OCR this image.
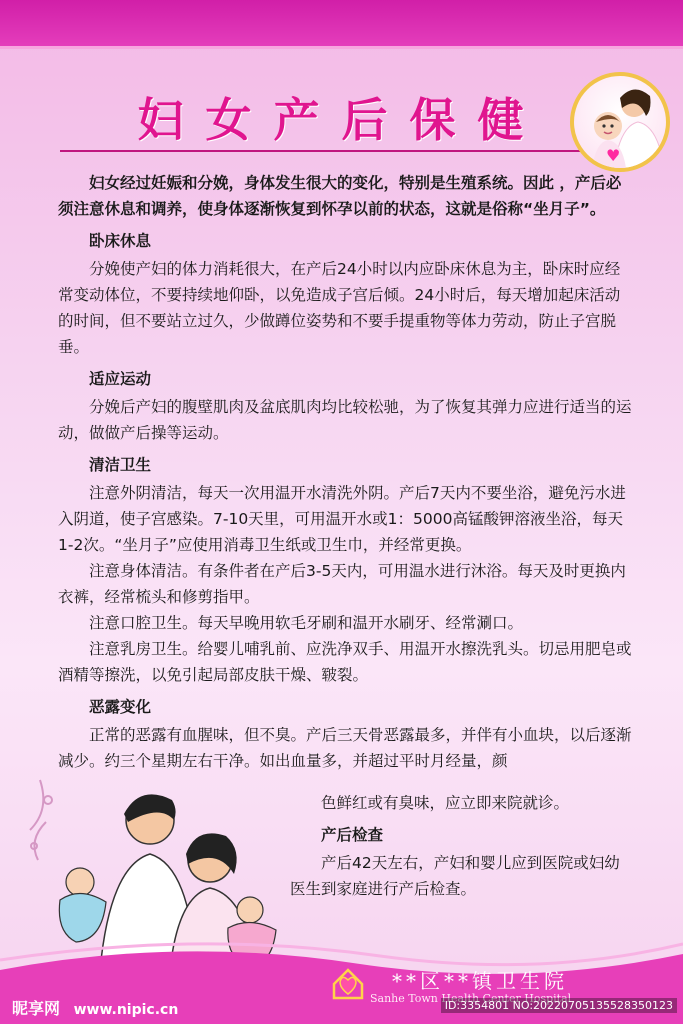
妇女产后保健
♥

妇女经过妊娠和分娩，身体发生很大的变化，特别是生殖系统。因此 ，产后必须注意休息和调养，使身体逐渐恢复到怀孕以前的状态，这就是俗称“坐月子”。

卧床休息

分娩使产妇的体力消耗很大，在产后24小时以内应卧床休息为主，卧床时应经常变动体位，不要持续地仰卧，以免造成子宫后倾。24小时后，每天增加起床活动的时间，但不要站立过久，少做蹲位姿势和不要手提重物等体力劳动，防止子宫脱垂。

适应运动

分娩后产妇的腹壁肌肉及盆底肌肉均比较松驰，为了恢复其弹力应进行适当的运动，做做产后操等运动。

清洁卫生

注意外阴清洁，每天一次用温开水清洗外阴。产后7天内不要坐浴，避免污水进入阴道，使子宫感染。7-10天里，可用温开水或1：5000高锰酸钾溶液坐浴，每天1-2次。“坐月子”应使用消毒卫生纸或卫生巾，并经常更换。

注意身体清洁。有条件者在产后3-5天内，可用温水进行沐浴。每天及时更换内衣裤，经常梳头和修剪指甲。

注意口腔卫生。每天早晚用软毛牙刷和温开水刷牙、经常涮口。

注意乳房卫生。给婴儿哺乳前、应洗净双手、用温开水擦洗乳头。切忌用肥皂或酒精等擦洗，以免引起局部皮肤干燥、皲裂。

恶露变化

正常的恶露有血腥味，但不臭。产后三天骨恶露最多，并伴有小血块，以后逐渐减少。约三个星期左右干净。如出血量多，并超过平时月经量，颜

色鲜红或有臭味，应立即来院就诊。
产后检查

产后42天左右，产妇和婴儿应到医院或妇幼医生到家庭进行产后检查。

**区**镇卫生院
Sanhe Town Health Center Hospital
昵享网 www.nipic.cn	ID:3354801 NO:20220705135528350123
